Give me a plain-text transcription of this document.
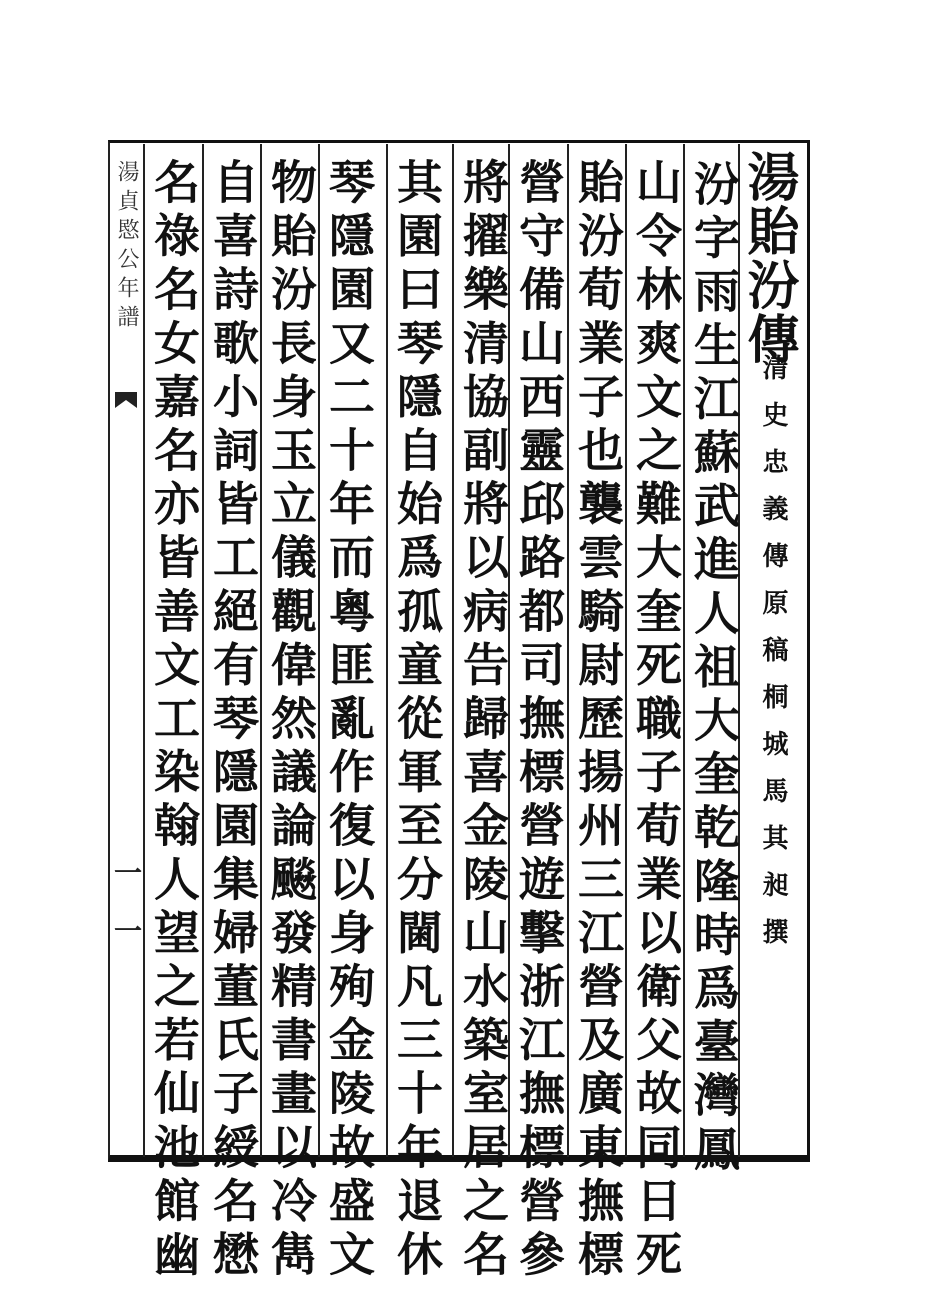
湯貞愍公年譜
一一
湯貽汾傳
清史忠義傳原稿桐城馬其昶撰
汾字雨生江蘇武進人祖大奎乾隆時爲臺灣鳳
山令林爽文之難大奎死職子荀業以衛父故同日死
貽汾荀業子也襲雲騎尉歷揚州三江營及廣東撫標
營守備山西靈邱路都司撫標營遊擊浙江撫標營參
將擢樂清協副將以病告歸喜金陵山水築室居之名
其園曰琴隱自始爲孤童從軍至分閫凡三十年退休
琴隱園又二十年而粵匪亂作復以身殉金陵故盛文
物貽汾長身玉立儀觀偉然議論飈發精書畫以冷雋
自喜詩歌小詞皆工絕有琴隱園集婦董氏子綬名懋
名祿名女嘉名亦皆善文工染翰人望之若仙池館幽
